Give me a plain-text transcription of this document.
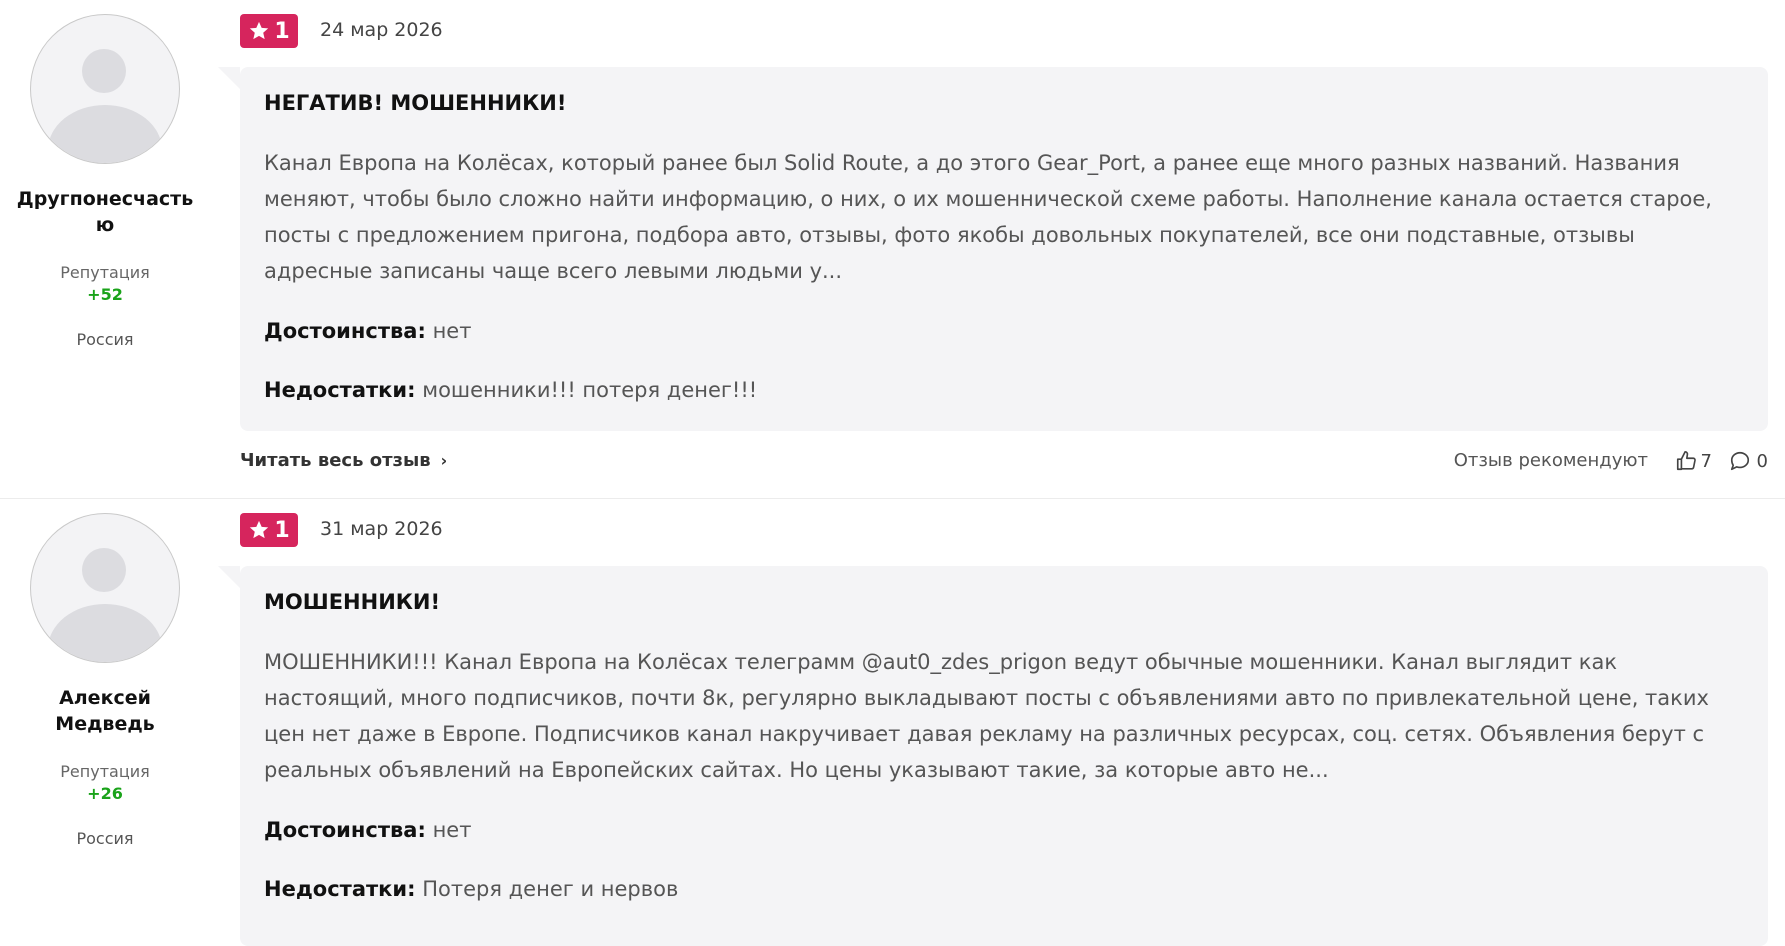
Другпонесчастью
Репутация
+52
Россия
1 24 мар 2026
НЕГАТИВ! МОШЕННИКИ!
Канал Европа на Колёсах, который ранее был Solid Route, а до этого Gear_Port, а ранее еще много разных названий. Названия меняют, чтобы было сложно найти информацию, о них, о их мошеннической схеме работы. Наполнение канала остается старое, посты с предложением пригона, подбора авто, отзывы, фото якобы довольных покупателей, все они подставные, отзывы адресные записаны чаще всего левыми людьми у...
Достоинства: нет
Недостатки: мошенники!!! потеря денег!!!
Читать весь отзыв ›	Отзыв рекомендуют	7 0
Алексей Медведь
Репутация
+26
Россия
1 31 мар 2026
МОШЕННИКИ!
МОШЕННИКИ!!! Канал Европа на Колёсах телеграмм @aut0_zdes_prigon ведут обычные мошенники. Канал выглядит как настоящий, много подписчиков, почти 8к, регулярно выкладывают посты с объявлениями авто по привлекательной цене, таких цен нет даже в Европе. Подписчиков канал накручивает давая рекламу на различных ресурсах, соц. сетях. Объявления берут с реальных объявлений на Европейских сайтах. Но цены указывают такие, за которые авто не...
Достоинства: нет
Недостатки: Потеря денег и нервов
